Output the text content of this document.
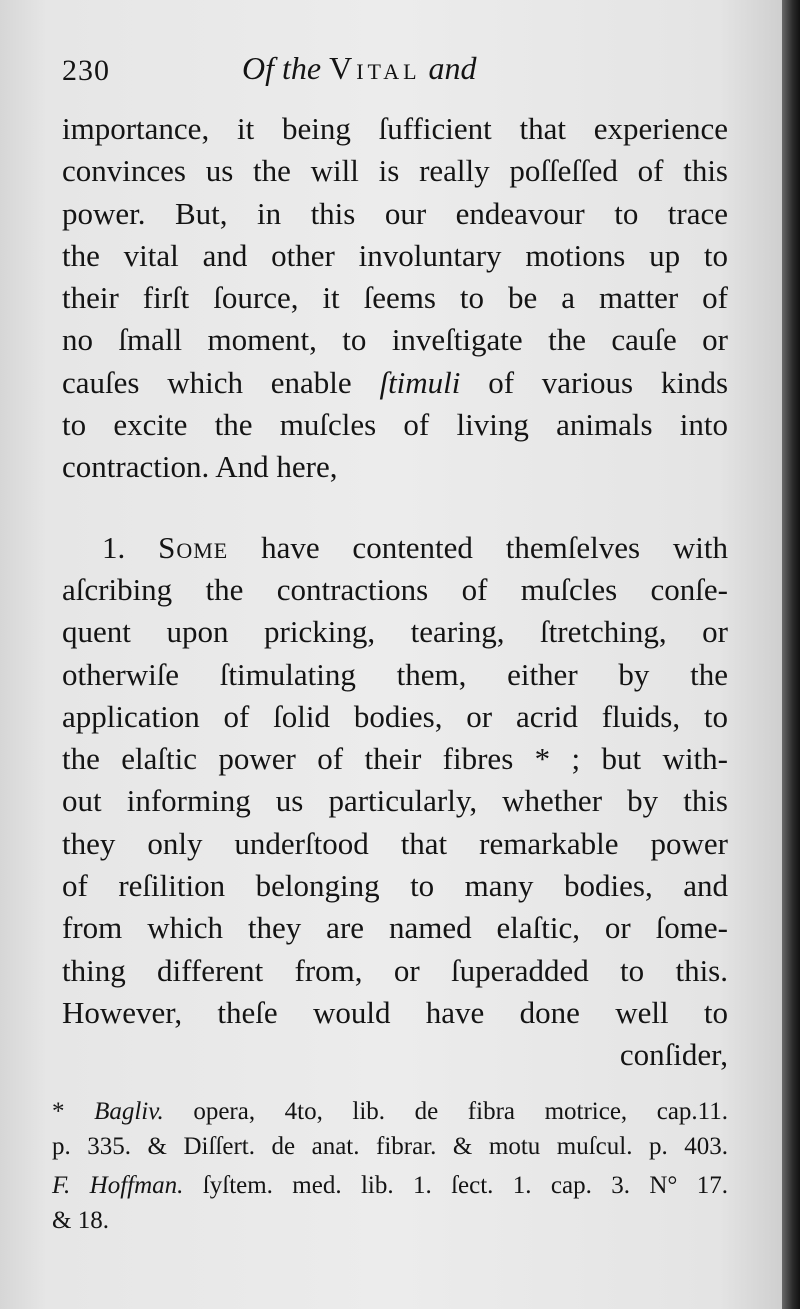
230	Of the Vital and
importance, it being ſufficient that experience
convinces us the will is really poſſeſſed of this
power. But, in this our endeavour to trace
the vital and other involuntary motions up to
their firſt ſource, it ſeems to be a matter of
no ſmall moment, to inveſtigate the cauſe or
cauſes which enable ſtimuli of various kinds
to excite the muſcles of living animals into
contraction. And here,
1. Some have contented themſelves with
aſcribing the contractions of muſcles conſe-
quent upon pricking, tearing, ſtretching, or
otherwiſe ſtimulating them, either by the
application of ſolid bodies, or acrid fluids, to
the elaſtic power of their fibres * ; but with-
out informing us particularly, whether by this
they only underſtood that remarkable power
of reſilition belonging to many bodies, and
from which they are named elaſtic, or ſome-
thing different from, or ſuperadded to this.
However, theſe would have done well to
conſider,
* Bagliv. opera, 4to, lib. de fibra motrice, cap.11.
p. 335. & Diſſert. de anat. fibrar. & motu muſcul. p. 403.
F. Hoffman. ſyſtem. med. lib. 1. ſect. 1. cap. 3. N° 17.
& 18.
